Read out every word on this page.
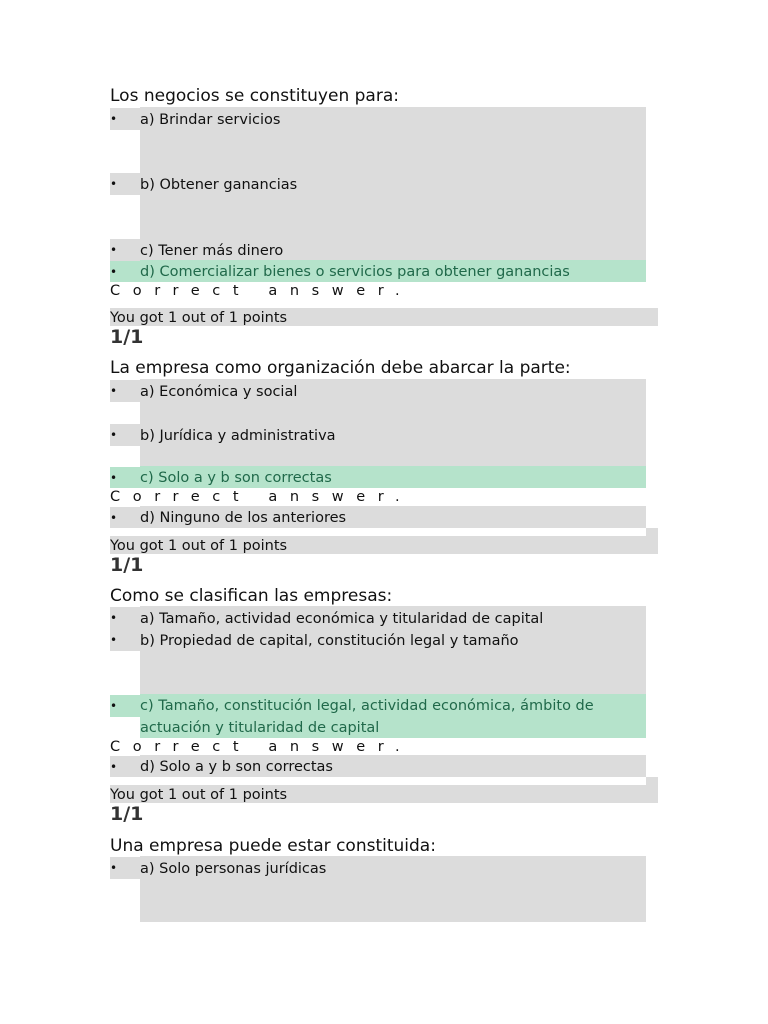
Los negocios se constituyen para:
•
a) Brindar servicios
•
b) Obtener ganancias
•
c) Tener más dinero
•
d) Comercializar bienes o servicios para obtener ganancias
Correct answer.
You got 1 out of 1 points
1/1
La empresa como organización debe abarcar la parte:
•
a) Económica y social
•
b) Jurídica y administrativa
•
c) Solo a y b son correctas
Correct answer.
•
d) Ninguno de los anteriores
You got 1 out of 1 points
1/1
Como se clasifican las empresas:
•
a) Tamaño, actividad económica y titularidad de capital
•
b) Propiedad de capital, constitución legal y tamaño
•
c) Tamaño, constitución legal, actividad económica, ámbito de
actuación y titularidad de capital
Correct answer.
•
d) Solo a y b son correctas
You got 1 out of 1 points
1/1
Una empresa puede estar constituida:
•
a) Solo personas jurídicas
